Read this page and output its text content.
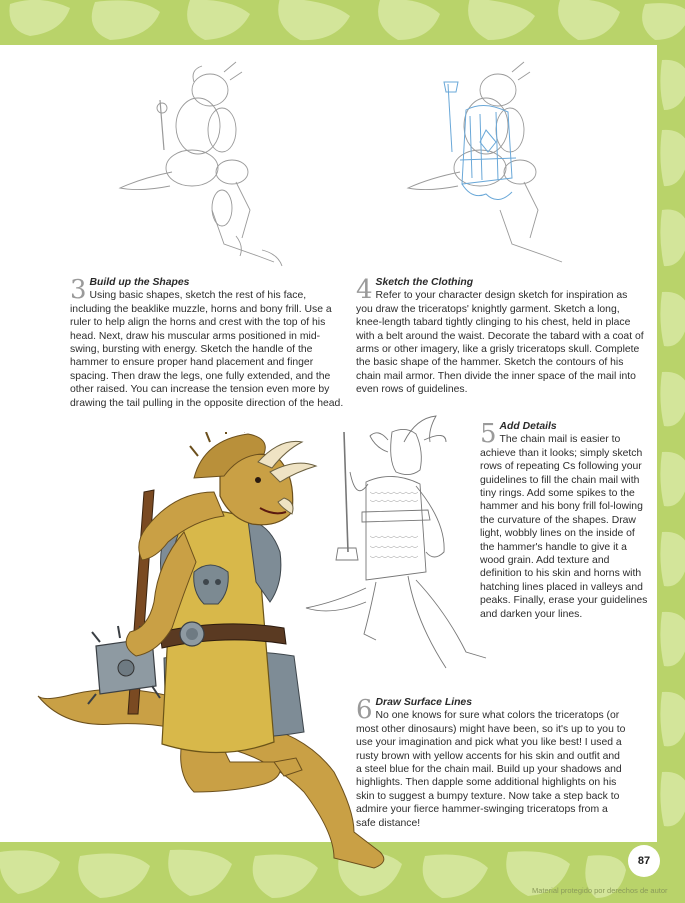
3 Build up the Shapes

Using basic shapes, sketch the rest of his face, including the beaklike muzzle, horns and bony frill. Use a ruler to help align the horns and crest with the top of his head. Next, draw his muscular arms positioned in mid-swing, bursting with energy. Sketch the handle of the hammer to ensure proper hand placement and finger spacing. Then draw the legs, one fully extended, and the other raised. You can increase the tension even more by drawing the tail pulling in the opposite direction of the head.

4 Sketch the Clothing

Refer to your character design sketch for inspiration as you draw the triceratops' knightly garment. Sketch a long, knee-length tabard tightly clinging to his chest, held in place with a belt around the waist. Decorate the tabard with a coat of arms or other imagery, like a grisly triceratops skull. Complete the basic shape of the hammer. Sketch the contours of his chain mail armor. Then divide the inner space of the mail into even rows of guidelines.

5 Add Details

The chain mail is easier to achieve than it looks; simply sketch rows of repeating Cs following your guidelines to fill the chain mail with tiny rings. Add some spikes to the hammer and his bony frill fol-lowing the curvature of the shapes. Draw light, wobbly lines on the inside of the hammer's handle to give it a wood grain. Add texture and definition to his skin and horns with hatching lines placed in valleys and peaks. Finally, erase your guidelines and darken your lines.

6 Draw Surface Lines

No one knows for sure what colors the triceratops (or most other dinosaurs) might have been, so it's up to you to use your imagination and pick what you like best! I used a rusty brown with yellow accents for his skin and outfit and a steel blue for the chain mail. Build up your shadows and highlights. Then dapple some additional highlights on his skin to suggest a bumpy texture. Now take a step back to admire your fierce hammer-swinging triceratops from a safe distance!

87
Material protegido por derechos de autor
